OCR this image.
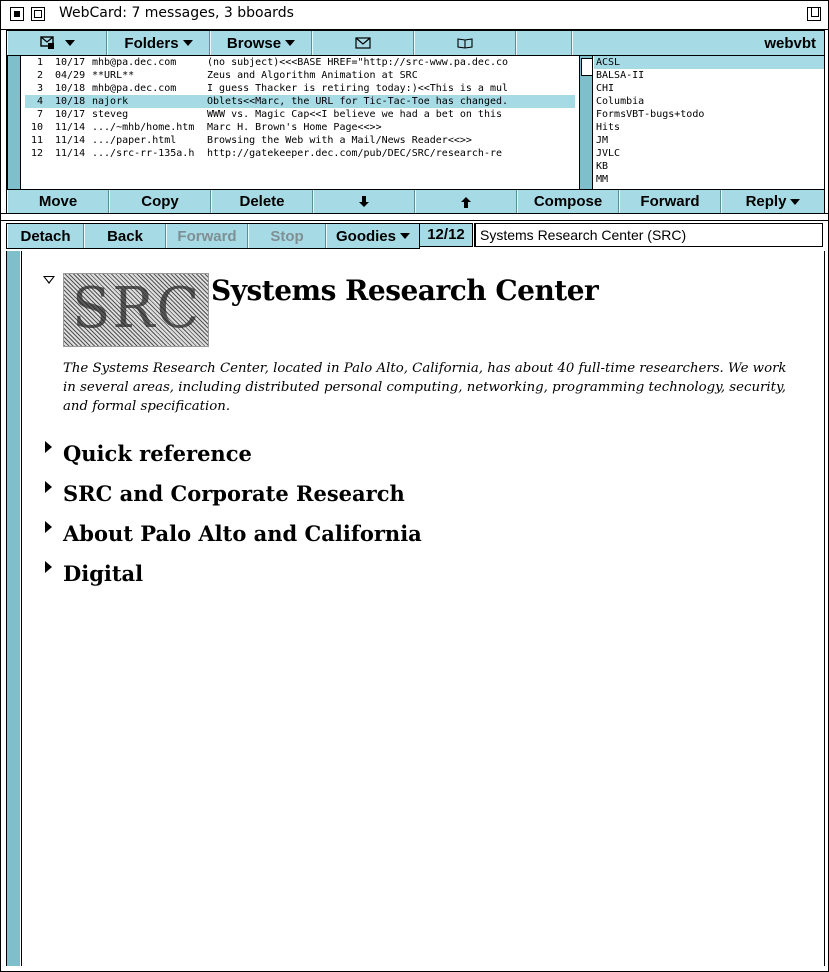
WebCard: 7 messages, 3 bboards
Folders	Browse	webvbt
1 10/17 mhb@pa.dec.com	(no subject)<<<BASE HREF="http://src-www.pa.dec.co
2 04/29 **URL**	Zeus and Algorithm Animation at SRC
3 10/18 mhb@pa.dec.com	I guess Thacker is retiring today:)<<This is a mul
4 10/18 najork	Oblets<<Marc, the URL for Tic-Tac-Toe has changed.
7 10/17 steveg	WWW vs. Magic Cap<<I believe we had a bet on this
10 11/14 .../~mhb/home.htm Marc H. Brown's Home Page<<>>
11 11/14 .../paper.html	Browsing the Web with a Mail/News Reader<<>>
12 11/14 .../src-rr-135a.h http://gatekeeper.dec.com/pub/DEC/SRC/research-re
ACSL
BALSA-II
CHI
Columbia
FormsVBT-bugs+todo
Hits
JM
JVLC
KB
MM
Move	Copy	Delete	Compose	Forward	Reply
Detach	Back	Forward	Stop	Goodies	12/12	Systems Research Center (SRC)
SRC Systems Research Center
The Systems Research Center, located in Palo Alto, California, has about 40 full-time researchers. We work in several areas, including distributed personal computing, networking, programming technology, security, and formal specification.
Quick reference
SRC and Corporate Research
About Palo Alto and California
Digital
